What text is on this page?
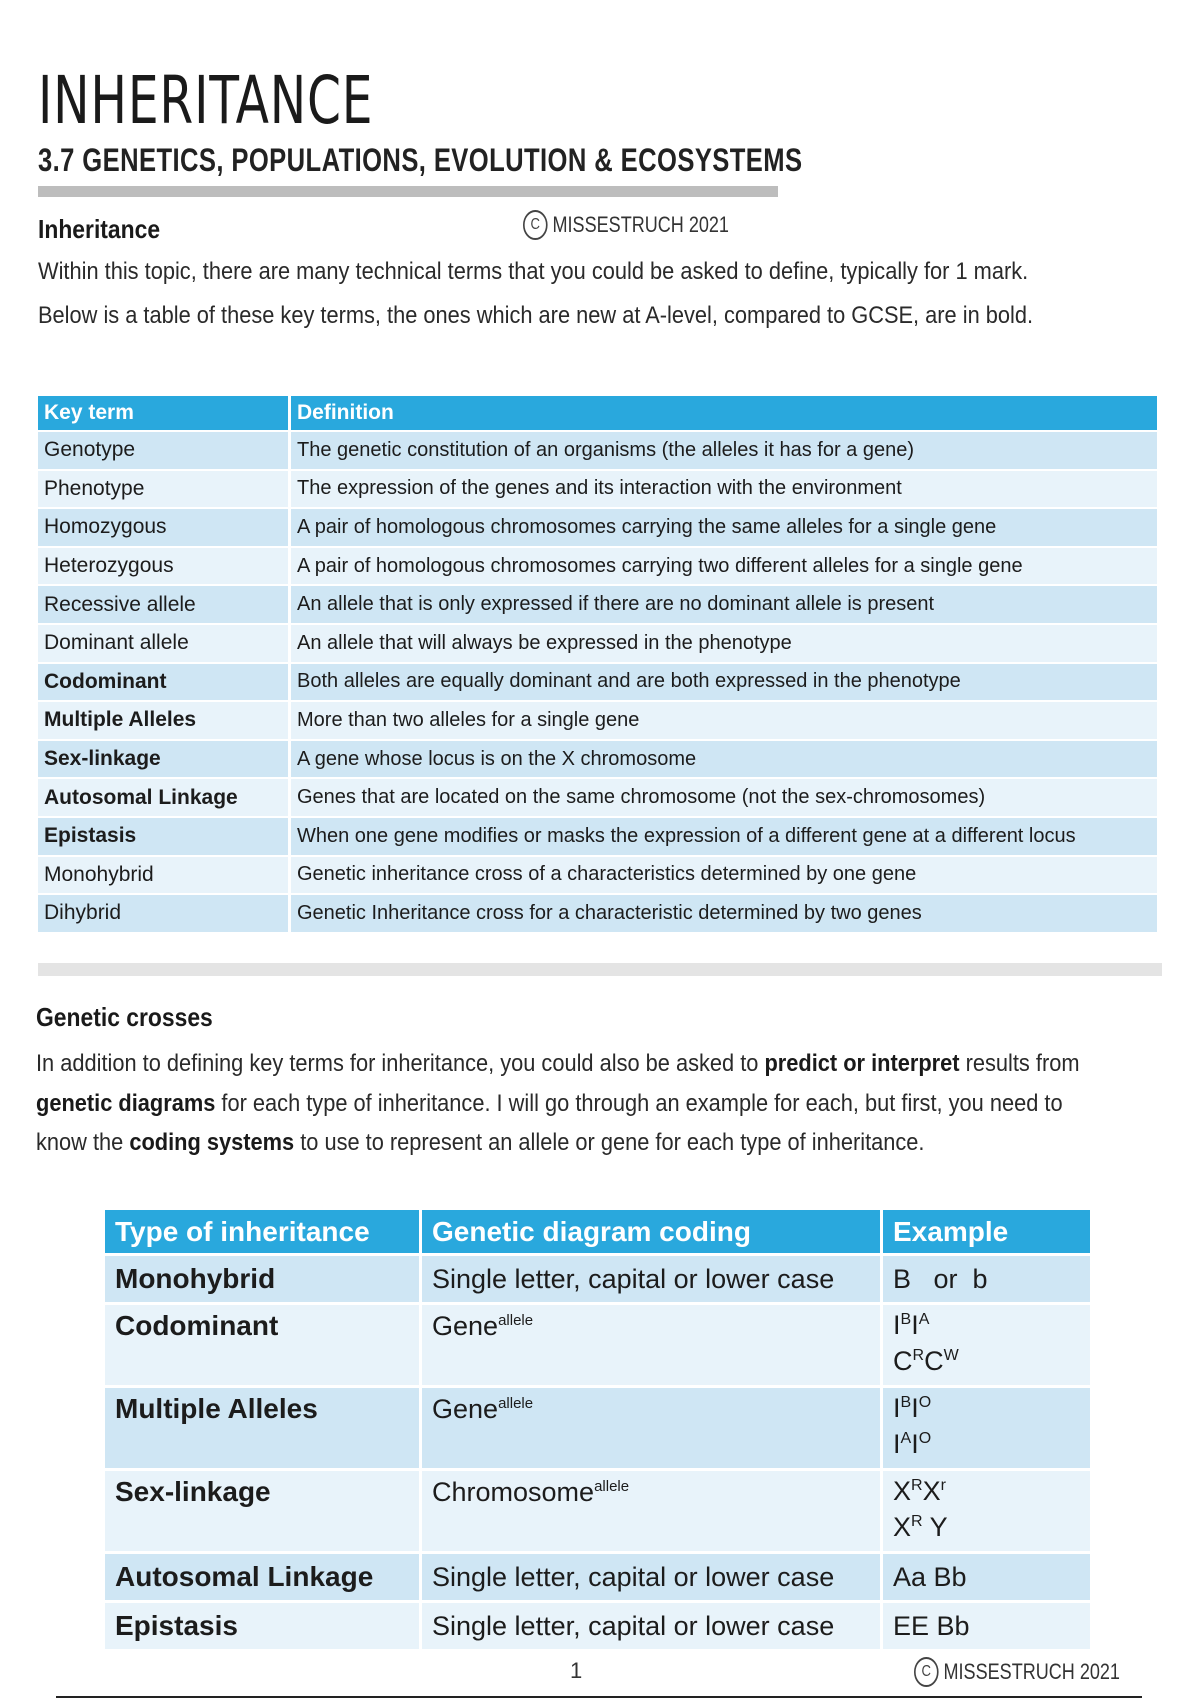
INHERITANCE
3.7 GENETICS, POPULATIONS, EVOLUTION & ECOSYSTEMS
Inheritance	C MISSESTRUCH 2021

Within this topic, there are many technical terms that you could be asked to define, typically for 1 mark. Below is a table of these key terms, the ones which are new at A-level, compared to GCSE, are in bold.

Key term	Definition
Genotype	The genetic constitution of an organisms (the alleles it has for a gene)
Phenotype	The expression of the genes and its interaction with the environment
Homozygous	A pair of homologous chromosomes carrying the same alleles for a single gene
Heterozygous	A pair of homologous chromosomes carrying two different alleles for a single gene
Recessive allele	An allele that is only expressed if there are no dominant allele is present
Dominant allele	An allele that will always be expressed in the phenotype
Codominant	Both alleles are equally dominant and are both expressed in the phenotype
Multiple Alleles	More than two alleles for a single gene
Sex-linkage	A gene whose locus is on the X chromosome
Autosomal Linkage	Genes that are located on the same chromosome (not the sex-chromosomes)
Epistasis	When one gene modifies or masks the expression of a different gene at a different locus
Monohybrid	Genetic inheritance cross of a characteristics determined by one gene
Dihybrid	Genetic Inheritance cross for a characteristic determined by two genes
Genetic crosses

In addition to defining key terms for inheritance, you could also be asked to predict or interpret results from genetic diagrams for each type of inheritance. I will go through an example for each, but first, you need to know the coding systems to use to represent an allele or gene for each type of inheritance.

Type of inheritance	Genetic diagram coding	Example
Monohybrid	Single letter, capital or lower case	B   or  b
Codominant	Gene$^{allele}$	$I^BI^A$
$C^RC^W$

Multiple Alleles	Gene$^{allele}$	$I^BI^O$
$I^AI^O$

Sex-linkage	Chromosome$^{allele}$	$X^RX^r$
$X^R$ Y

Autosomal Linkage	Single letter, capital or lower case	Aa Bb
Epistasis	Single letter, capital or lower case	EE Bb
1	C MISSESTRUCH 2021
